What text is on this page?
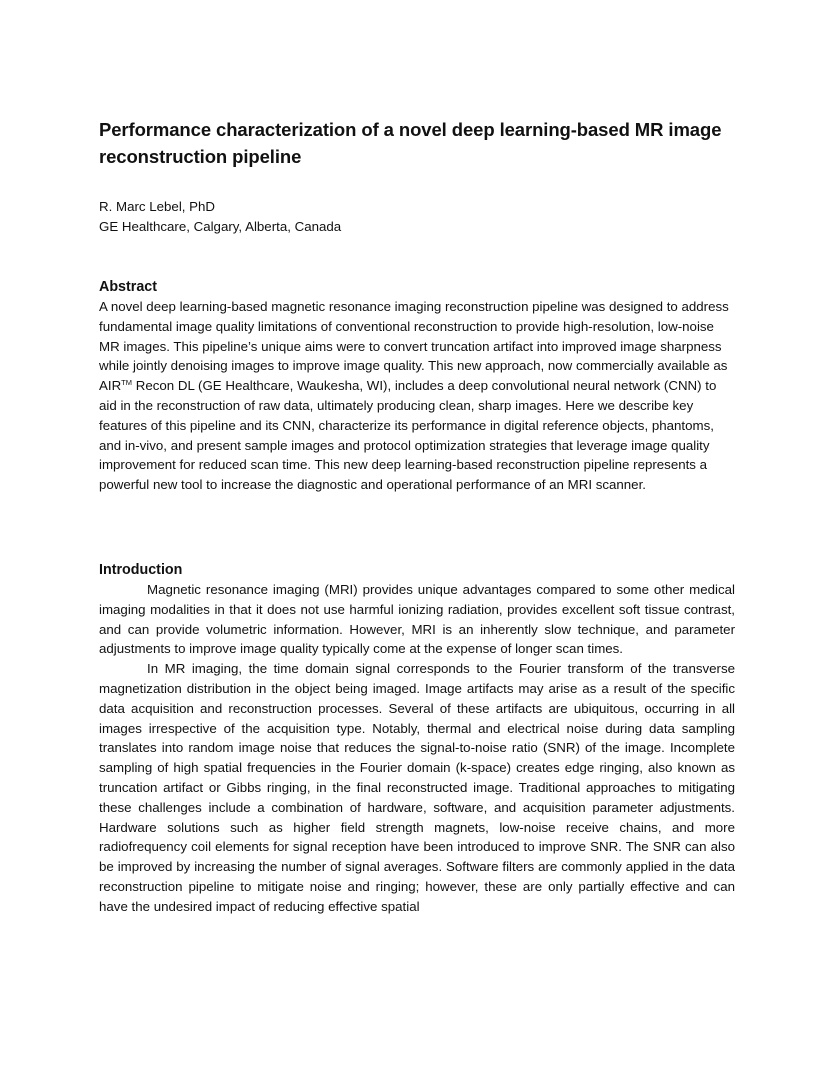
Performance characterization of a novel deep learning-based MR image reconstruction pipeline
R. Marc Lebel, PhD
GE Healthcare, Calgary, Alberta, Canada
Abstract

A novel deep learning-based magnetic resonance imaging reconstruction pipeline was designed to address fundamental image quality limitations of conventional reconstruction to provide high-resolution, low-noise MR images. This pipeline’s unique aims were to convert truncation artifact into improved image sharpness while jointly denoising images to improve image quality. This new approach, now commercially available as AIR™ Recon DL (GE Healthcare, Waukesha, WI), includes a deep convolutional neural network (CNN) to aid in the reconstruction of raw data, ultimately producing clean, sharp images. Here we describe key features of this pipeline and its CNN, characterize its performance in digital reference objects, phantoms, and in-vivo, and present sample images and protocol optimization strategies that leverage image quality improvement for reduced scan time. This new deep learning-based reconstruction pipeline represents a powerful new tool to increase the diagnostic and operational performance of an MRI scanner.

Introduction

Magnetic resonance imaging (MRI) provides unique advantages compared to some other medical imaging modalities in that it does not use harmful ionizing radiation, provides excellent soft tissue contrast, and can provide volumetric information. However, MRI is an inherently slow technique, and parameter adjustments to improve image quality typically come at the expense of longer scan times.

In MR imaging, the time domain signal corresponds to the Fourier transform of the transverse magnetization distribution in the object being imaged. Image artifacts may arise as a result of the specific data acquisition and reconstruction processes. Several of these artifacts are ubiquitous, occurring in all images irrespective of the acquisition type. Notably, thermal and electrical noise during data sampling translates into random image noise that reduces the signal-to-noise ratio (SNR) of the image. Incomplete sampling of high spatial frequencies in the Fourier domain (k-space) creates edge ringing, also known as truncation artifact or Gibbs ringing, in the final reconstructed image. Traditional approaches to mitigating these challenges include a combination of hardware, software, and acquisition parameter adjustments. Hardware solutions such as higher field strength magnets, low-noise receive chains, and more radiofrequency coil elements for signal reception have been introduced to improve SNR. The SNR can also be improved by increasing the number of signal averages. Software filters are commonly applied in the data reconstruction pipeline to mitigate noise and ringing; however, these are only partially effective and can have the undesired impact of reducing effective spatial
